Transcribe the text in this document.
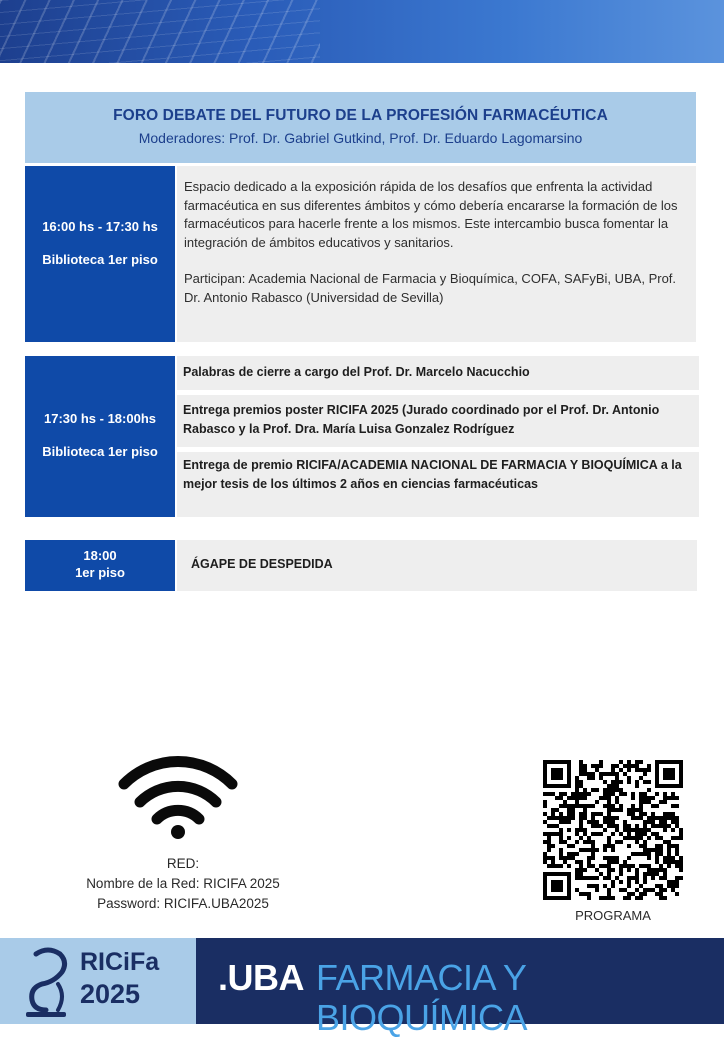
FORO DEBATE DEL FUTURO DE LA PROFESIÓN FARMACÉUTICA
Moderadores: Prof. Dr. Gabriel Gutkind, Prof. Dr. Eduardo Lagomarsino
16:00 hs - 17:30 hs
Biblioteca 1er piso
Espacio dedicado a la exposición rápida de los desafíos que enfrenta la actividad farmacéutica en sus diferentes ámbitos y cómo debería encararse la formación de los farmacéuticos para hacerle frente a los mismos. Este intercambio busca fomentar la integración de ámbitos educativos y sanitarios.
Participan: Academia Nacional de Farmacia y Bioquímica, COFA, SAFyBi, UBA, Prof. Dr. Antonio Rabasco (Universidad de Sevilla)
17:30 hs - 18:00hs
Biblioteca 1er piso
Palabras de cierre a cargo del Prof. Dr. Marcelo Nacucchio
Entrega premios poster RICIFA 2025 (Jurado coordinado por el Prof. Dr. Antonio Rabasco y la Prof. Dra. María Luisa Gonzalez Rodríguez
Entrega de premio RICIFA/ACADEMIA NACIONAL DE FARMACIA Y BIOQUÍMICA a la mejor tesis de los últimos 2 años en ciencias farmacéuticas
18:00
1er piso
ÁGAPE DE DESPEDIDA
RED:
Nombre de la Red: RICIFA 2025
Password: RICIFA.UBA2025
PROGRAMA
RICiFa
2025 .UBA FARMACIA Y BIOQUÍMICA
